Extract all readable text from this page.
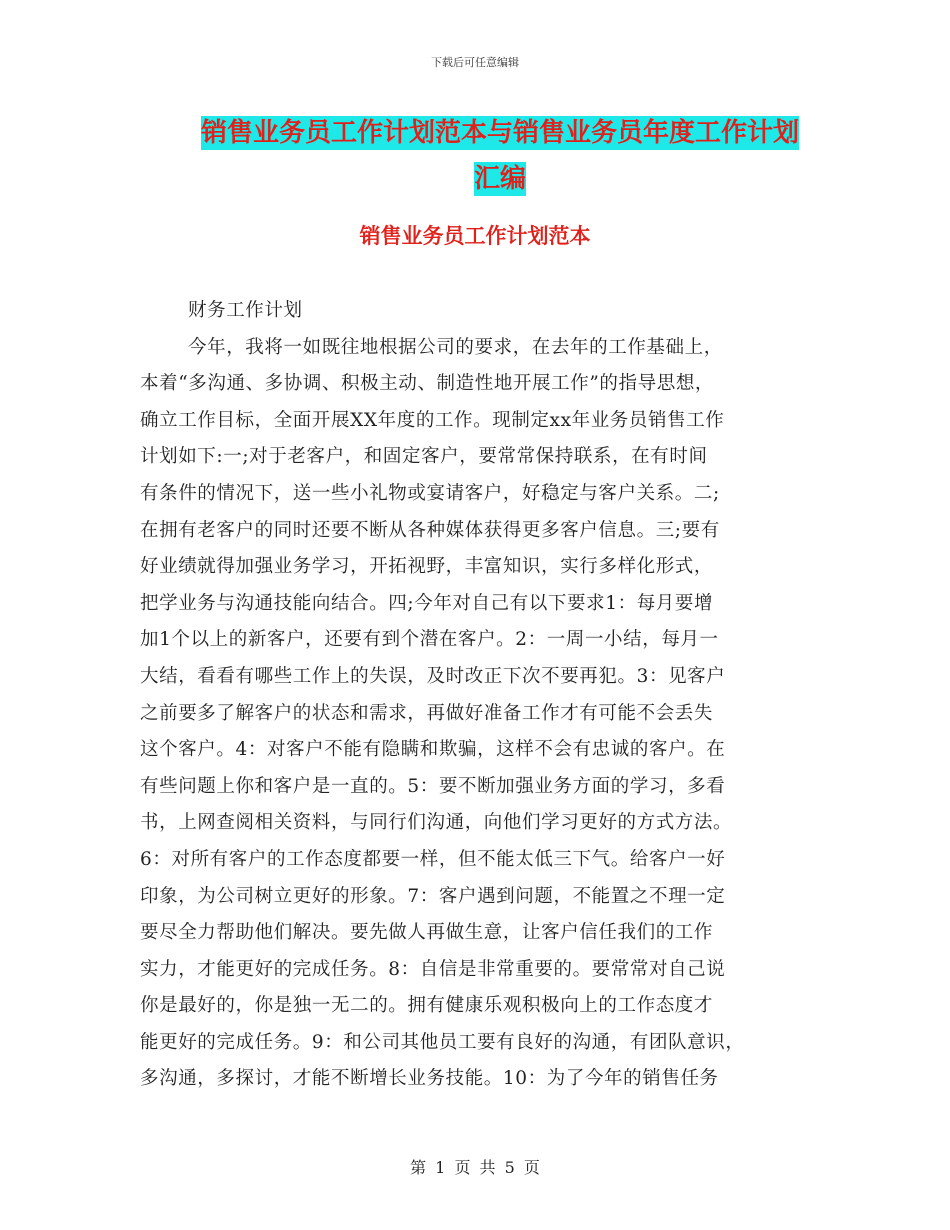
下载后可任意编辑
销售业务员工作计划范本与销售业务员年度工作计划
汇编
销售业务员工作计划范本
财务工作计划
今年，我将一如既往地根据公司的要求，在去年的工作基础上，
本着“多沟通、多协调、积极主动、制造性地开展工作”的指导思想，
确立工作目标，全面开展XX年度的工作。现制定xx年业务员销售工作
计划如下:一;对于老客户，和固定客户，要常常保持联系，在有时间
有条件的情况下，送一些小礼物或宴请客户，好稳定与客户关系。二;
在拥有老客户的同时还要不断从各种媒体获得更多客户信息。三;要有
好业绩就得加强业务学习，开拓视野，丰富知识，实行多样化形式，
把学业务与沟通技能向结合。四;今年对自己有以下要求1：每月要增
加1个以上的新客户，还要有到个潜在客户。2：一周一小结，每月一
大结，看看有哪些工作上的失误，及时改正下次不要再犯。3：见客户
之前要多了解客户的状态和需求，再做好准备工作才有可能不会丢失
这个客户。4：对客户不能有隐瞒和欺骗，这样不会有忠诚的客户。在
有些问题上你和客户是一直的。5：要不断加强业务方面的学习，多看
书，上网查阅相关资料，与同行们沟通，向他们学习更好的方式方法。
6：对所有客户的工作态度都要一样，但不能太低三下气。给客户一好
印象，为公司树立更好的形象。7：客户遇到问题，不能置之不理一定
要尽全力帮助他们解决。要先做人再做生意，让客户信任我们的工作
实力，才能更好的完成任务。8：自信是非常重要的。要常常对自己说
你是最好的，你是独一无二的。拥有健康乐观积极向上的工作态度才
能更好的完成任务。9：和公司其他员工要有良好的沟通，有团队意识，
多沟通，多探讨，才能不断增长业务技能。10：为了今年的销售任务
第 1 页 共 5 页
